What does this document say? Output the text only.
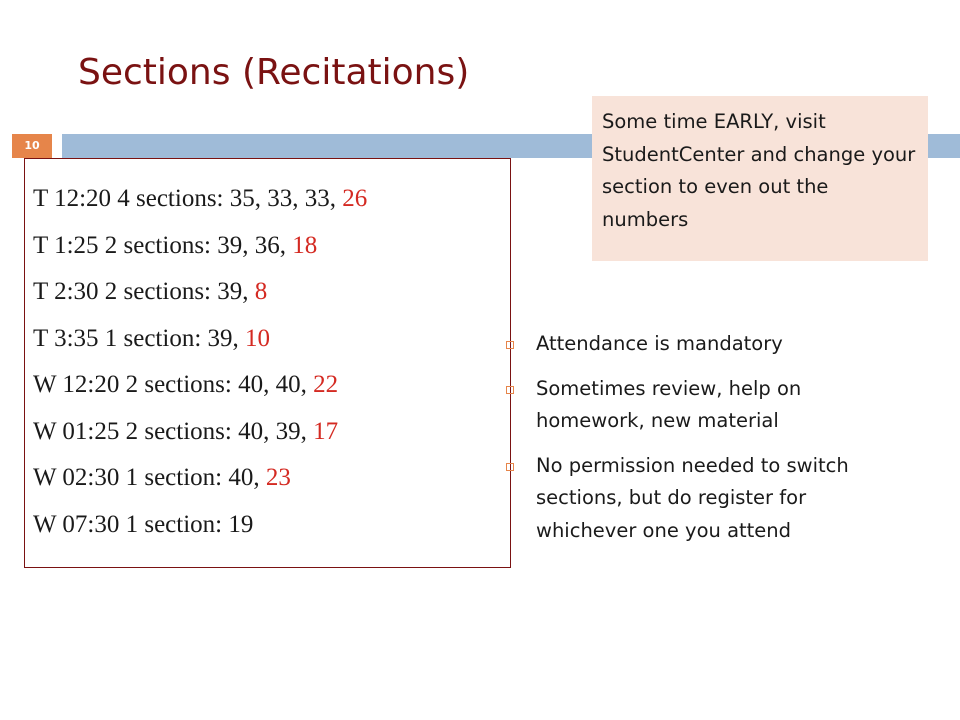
Sections (Recitations)
10
T 12:20 4 sections: 35, 33, 33, 26
T 1:25 2 sections: 39, 36, 18
T 2:30 2 sections: 39, 8
T 3:35 1 section: 39, 10
W 12:20 2 sections: 40, 40, 22
W 01:25 2 sections: 40, 39, 17
W 02:30 1 section: 40, 23
W 07:30 1 section: 19
Some time EARLY, visit StudentCenter and change your section to even out the numbers
Attendance is mandatory
Sometimes review, help on homework, new material
No permission needed to switch sections, but do register for whichever one you attend
